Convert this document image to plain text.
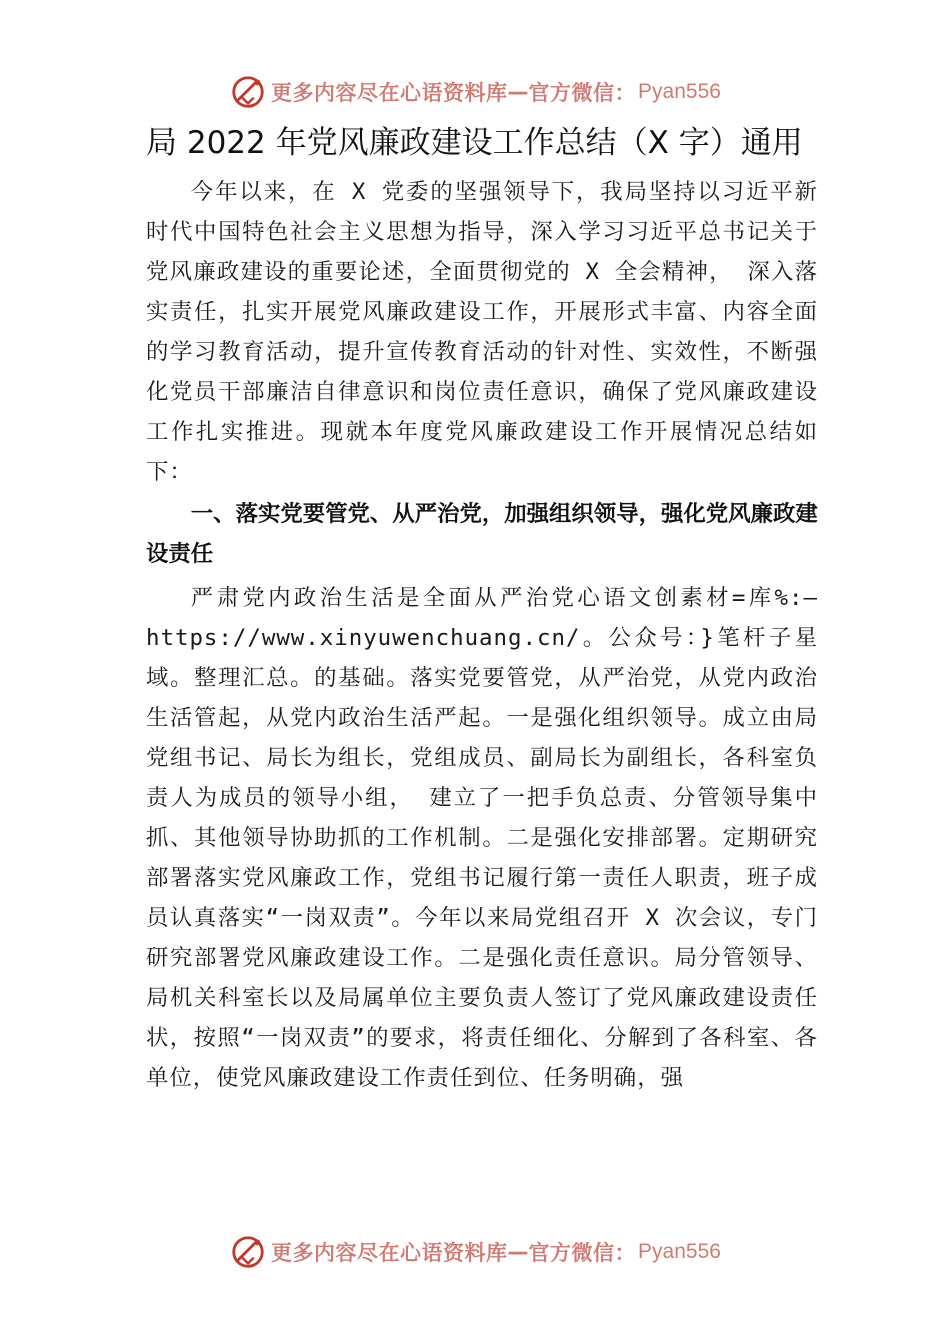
更多内容尽在心语资料库 — 官方微信： Pyan556
局 2022 年党风廉政建设工作总结（X 字）通用

今年以来，在 X 党委的坚强领导下，我局坚持以习近平新时代中国特色社会主义思想为指导，深入学习习近平总书记关于党风廉政建设的重要论述，全面贯彻党的 X 全会精神， 深入落实责任，扎实开展党风廉政建设工作，开展形式丰富、内容全面的学习教育活动，提升宣传教育活动的针对性、实效性，不断强化党员干部廉洁自律意识和岗位责任意识，确保了党风廉政建设工作扎实推进。现就本年度党风廉政建设工作开展情况总结如下：

一、落实党要管党、从严治党，加强组织领导，强化党风廉政建设责任

严肃党内政治生活是全面从严治党心语文创素材=库%:—https://www.xinyuwenchuang.cn/。公众号：}笔杆子星域。整理汇总。的基础。落实党要管党，从严治党，从党内政治生活管起，从党内政治生活严起。一是强化组织领导。成立由局党组书记、局长为组长，党组成员、副局长为副组长，各科室负责人为成员的领导小组， 建立了一把手负总责、分管领导集中抓、其他领导协助抓的工作机制。二是强化安排部署。定期研究部署落实党风廉政工作，党组书记履行第一责任人职责，班子成员认真落实“一岗双责”。今年以来局党组召开 X 次会议，专门研究部署党风廉政建设工作。二是强化责任意识。局分管领导、局机关科室长以及局属单位主要负责人签订了党风廉政建设责任状，按照“一岗双责”的要求，将责任细化、分解到了各科室、各单位，使党风廉政建设工作责任到位、任务明确，强

更多内容尽在心语资料库 — 官方微信： Pyan556
